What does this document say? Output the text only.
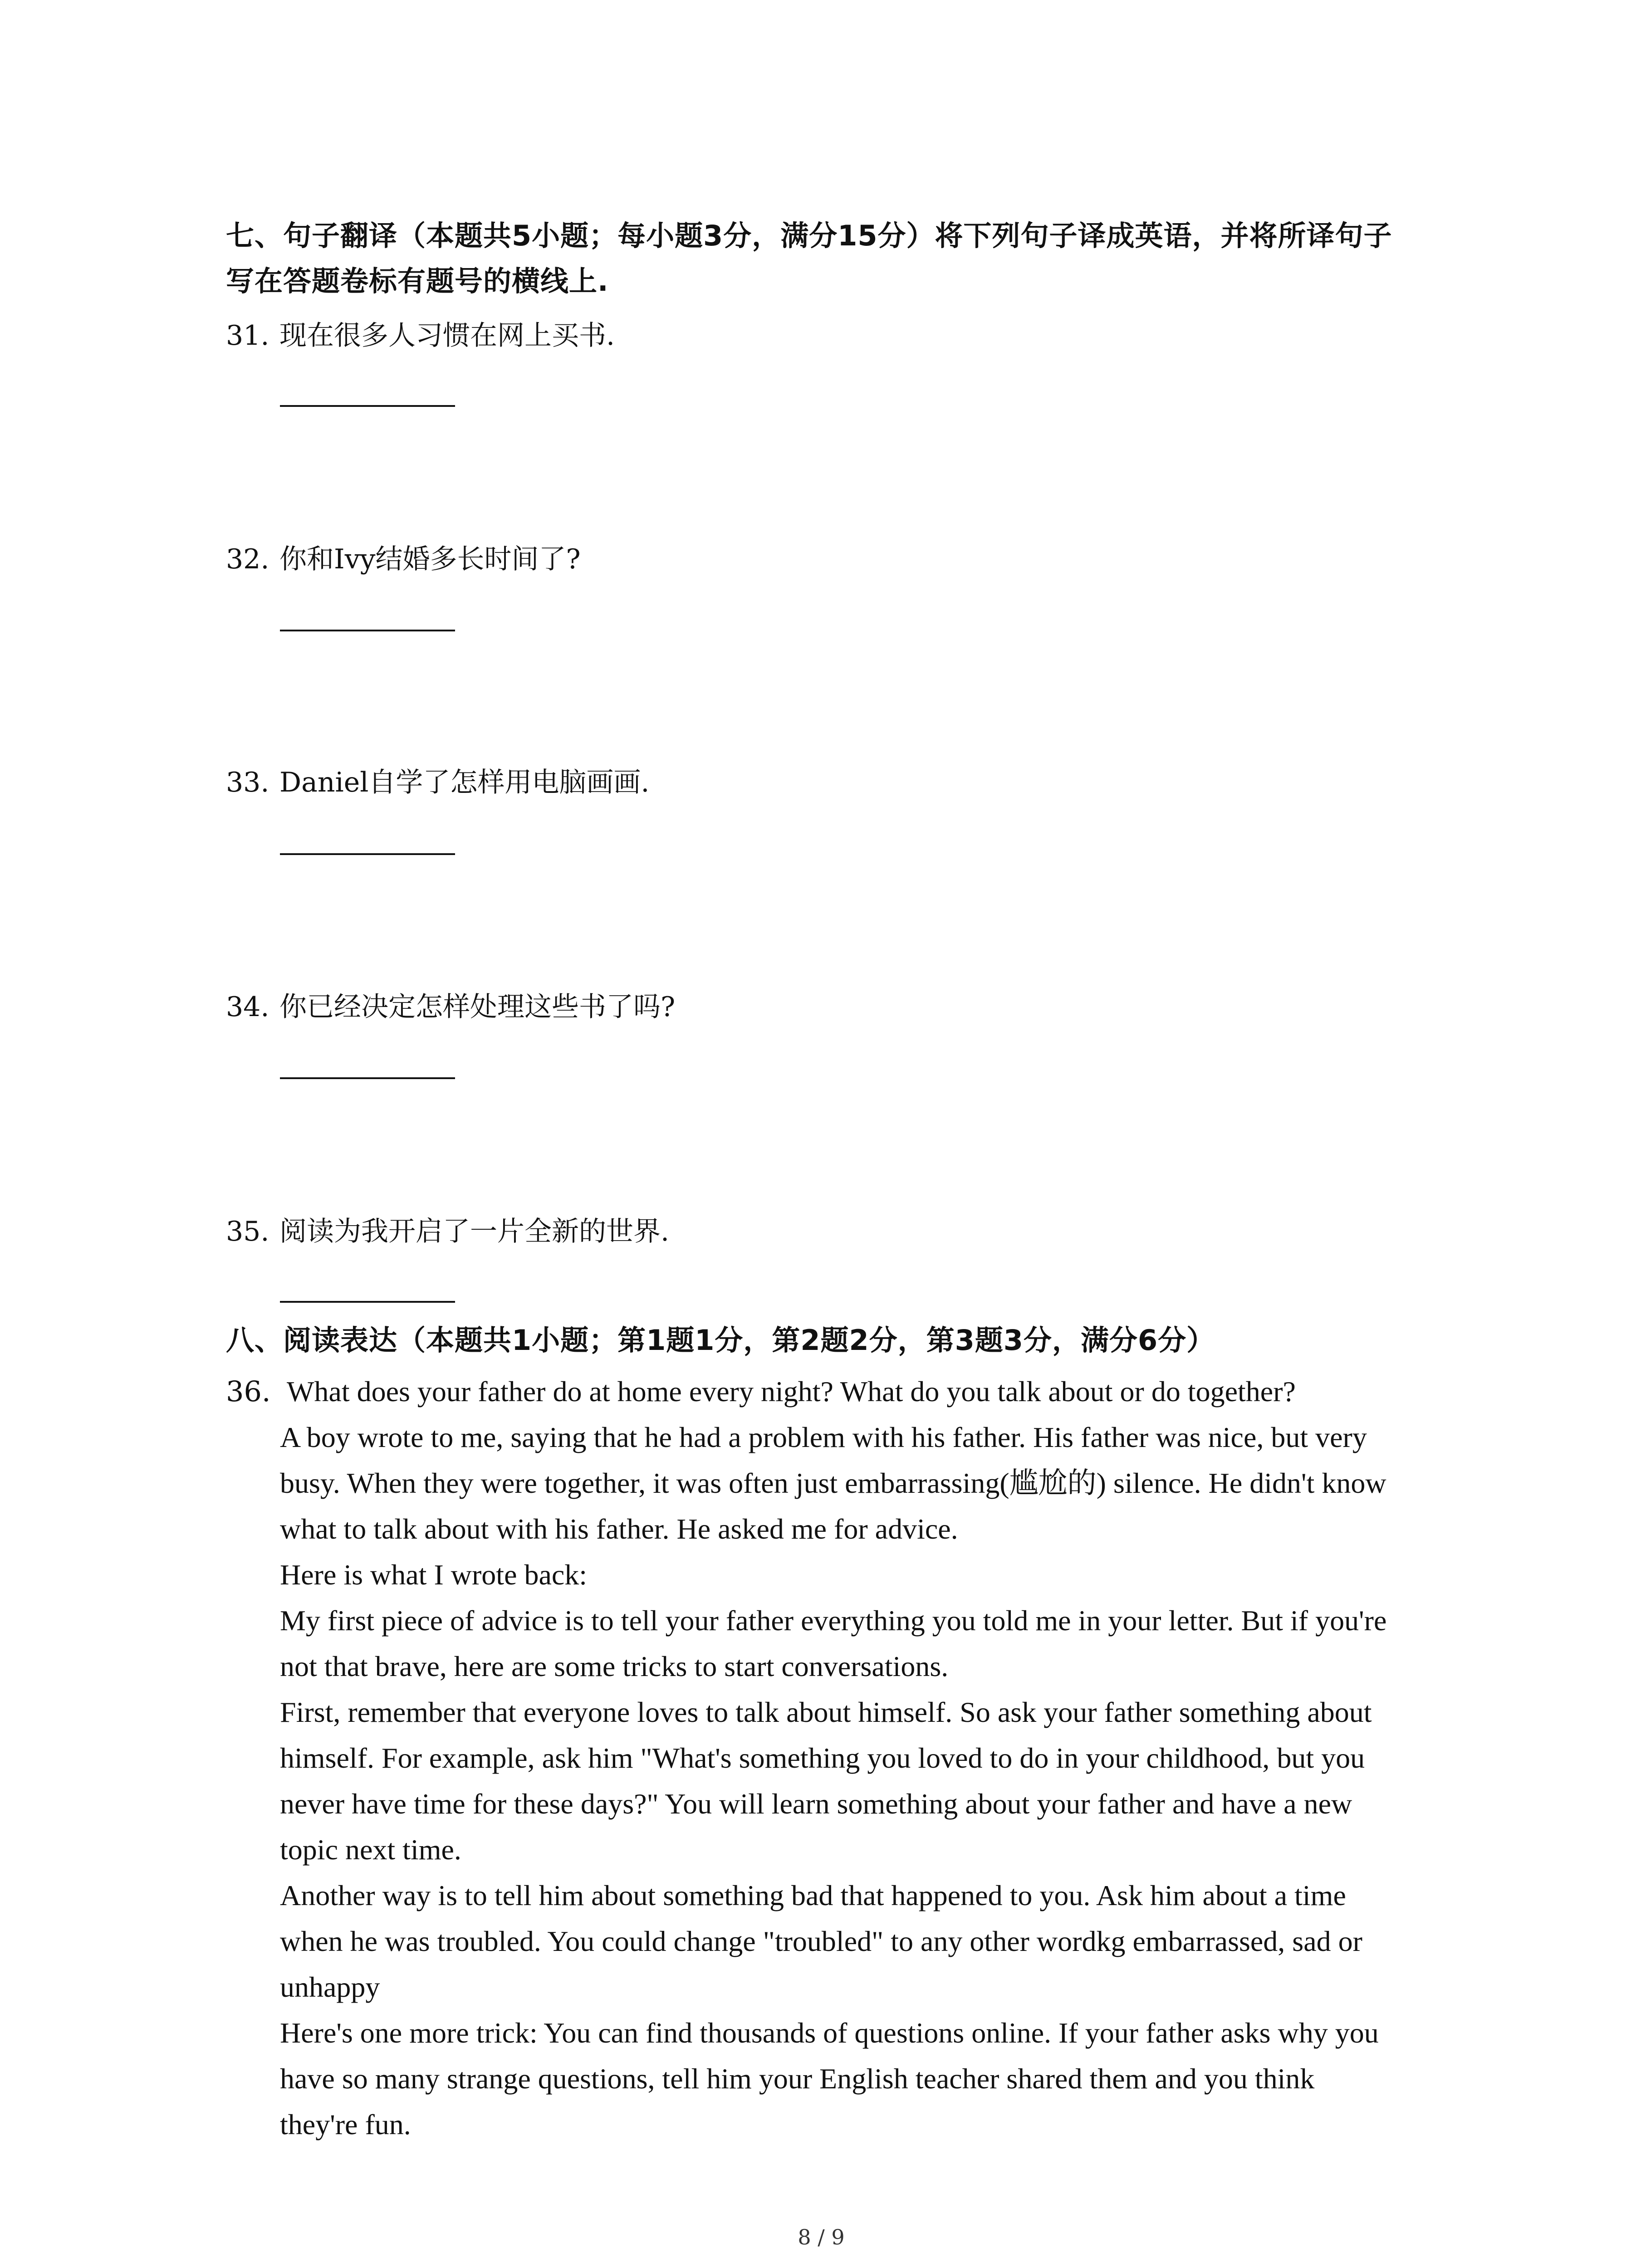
七、句子翻译（本题共5小题；每小题3分，满分15分）将下列句子译成英语，并将所译句子
写在答题卷标有题号的横线上.
31. 现在很多人习惯在网上买书.
32. 你和Ivy结婚多长时间了?
33. Daniel自学了怎样用电脑画画.
34. 你已经决定怎样处理这些书了吗?
35. 阅读为我开启了一片全新的世界.
八、阅读表达（本题共1小题；第1题1分，第2题2分，第3题3分，满分6分）
36. What does your father do at home every night? What do you talk about or do together?

A boy wrote to me, saying that he had a problem with his father. His father was nice, but very

busy. When they were together, it was often just embarrassing(尴尬的) silence. He didn't know

what to talk about with his father. He asked me for advice.

Here is what I wrote back:

My first piece of advice is to tell your father everything you told me in your letter. But if you're

not that brave, here are some tricks to start conversations.

First, remember that everyone loves to talk about himself. So ask your father something about

himself. For example, ask him "What's something you loved to do in your childhood, but you

never have time for these days?" You will learn something about your father and have a new

topic next time.

Another way is to tell him about something bad that happened to you. Ask him about a time

when he was troubled. You could change "troubled" to any other wordkg embarrassed, sad or

unhappy

Here's one more trick: You can find thousands of questions online. If your father asks why you

have so many strange questions, tell him your English teacher shared them and you think

they're fun.

8 / 9
